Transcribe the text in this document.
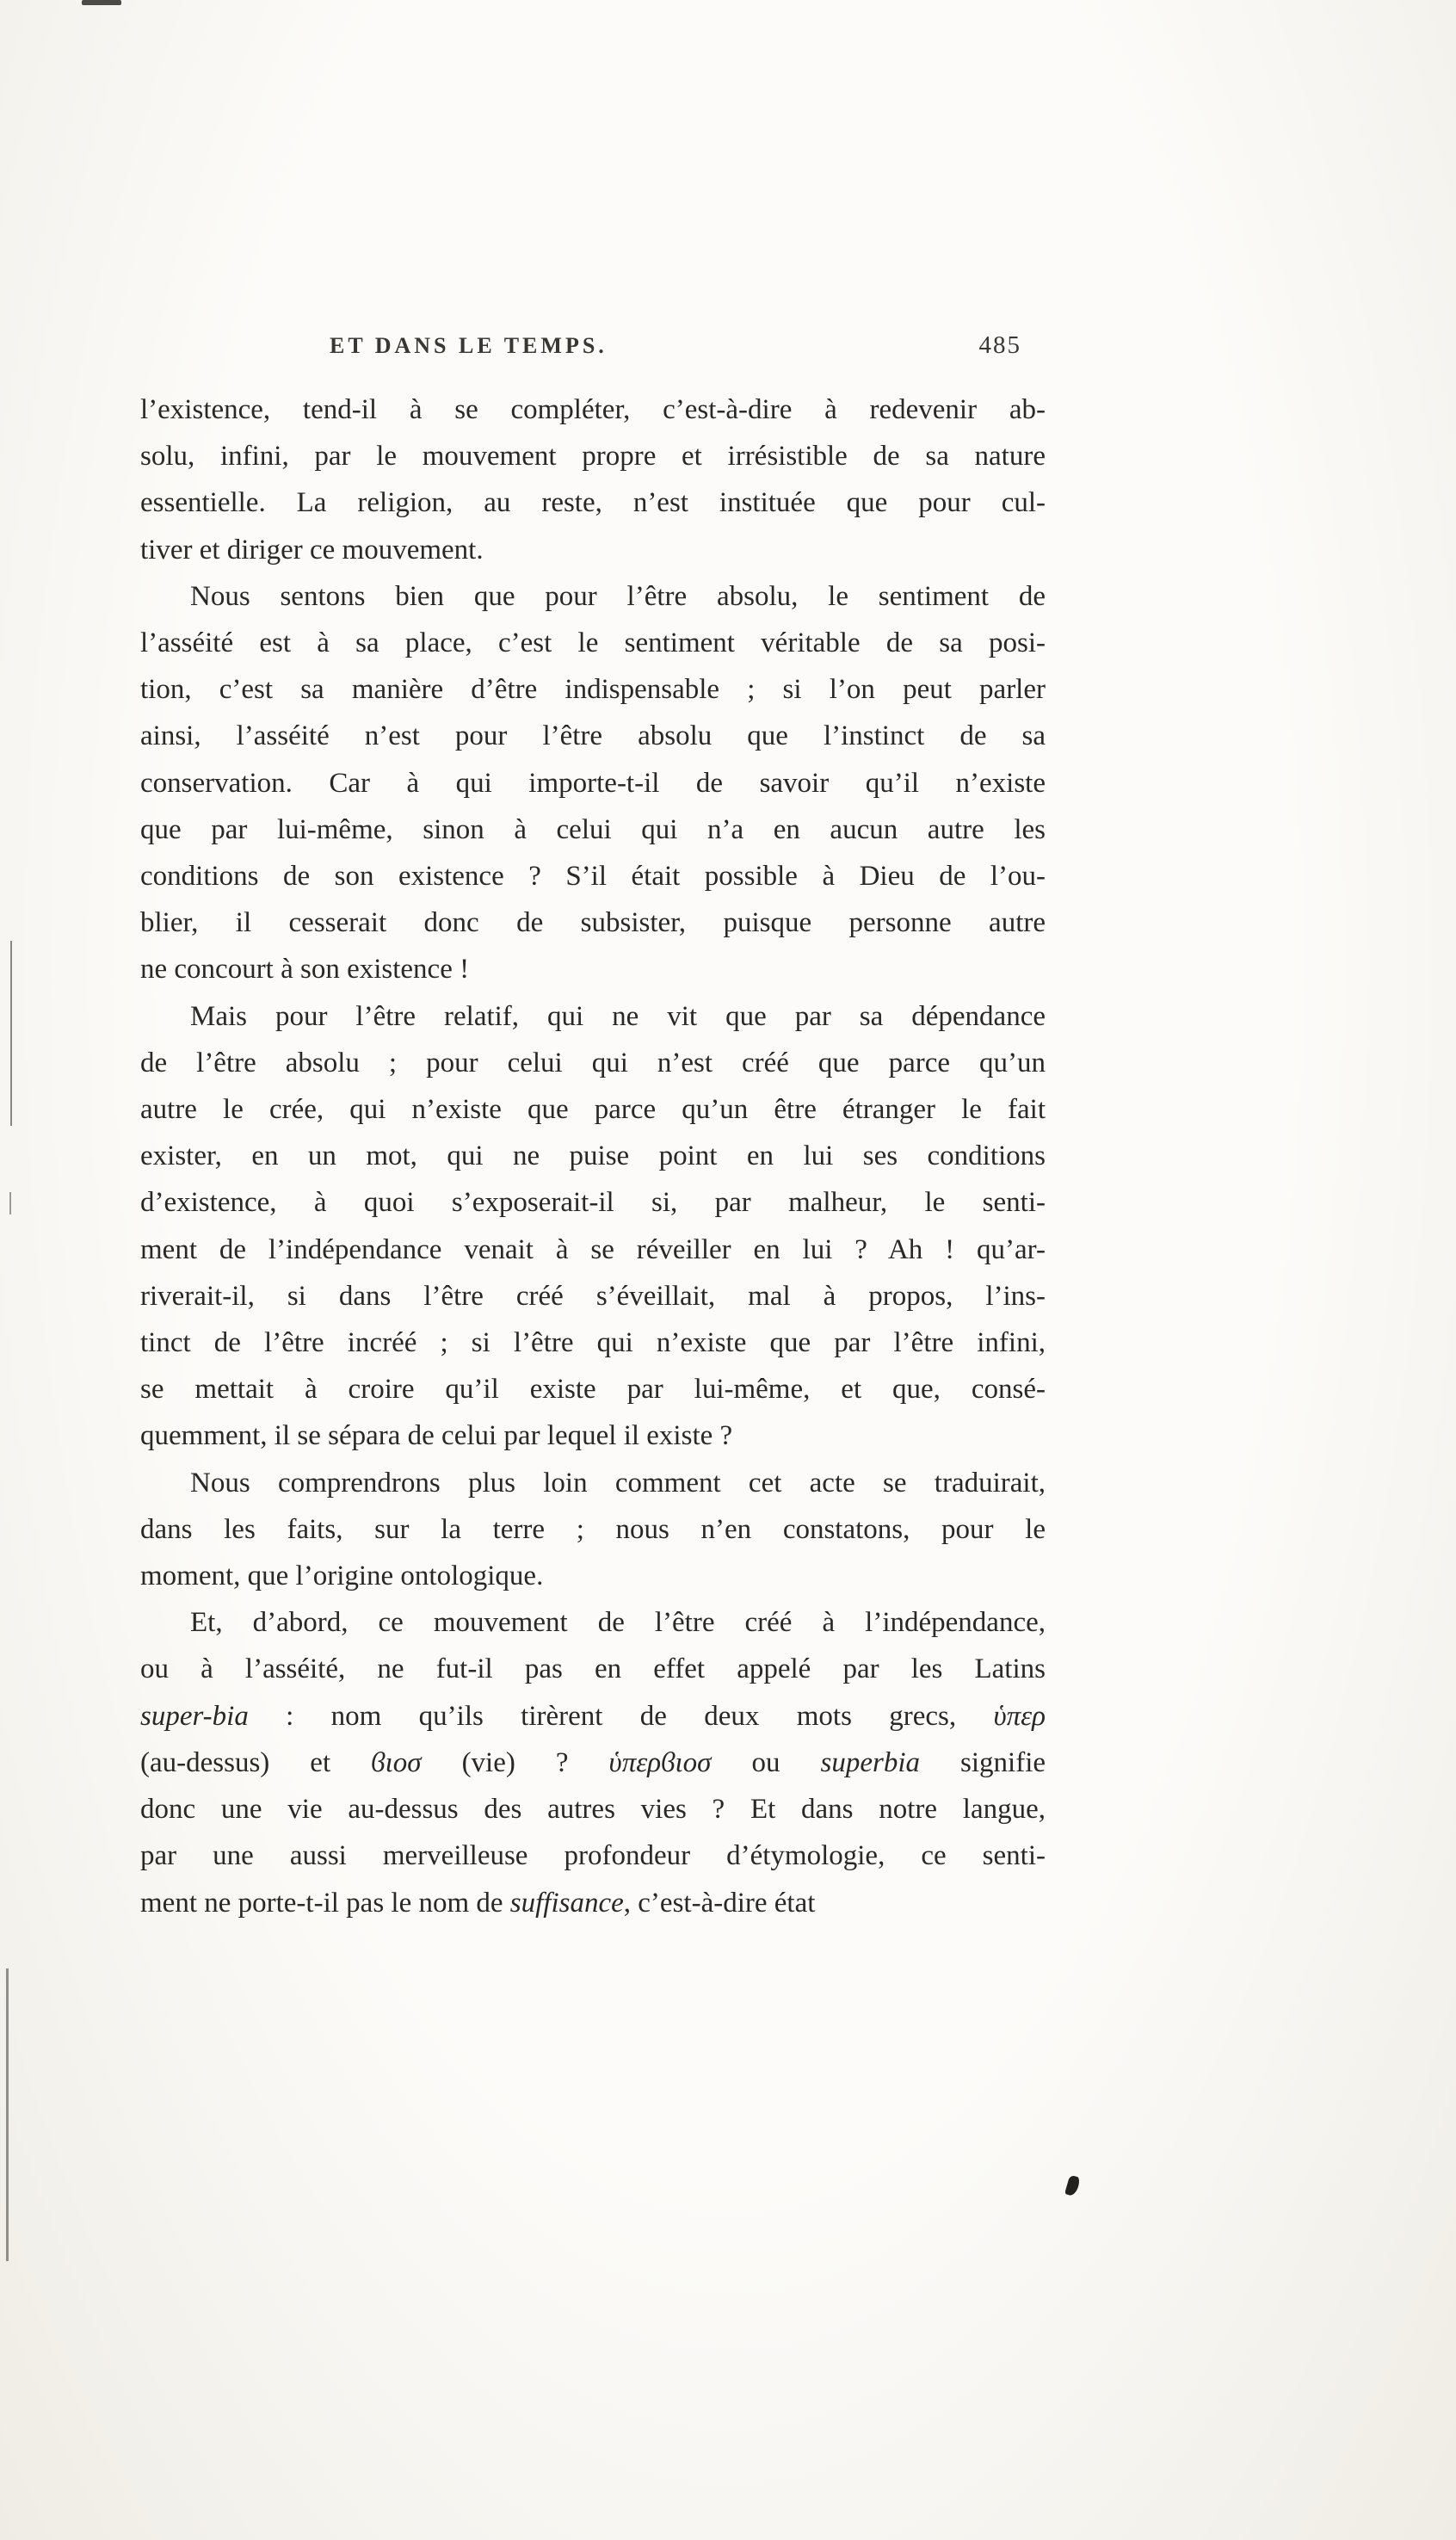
ET DANS LE TEMPS.	485
l’existence, tend-il à se compléter, c’est-à-dire à redevenir ab-
solu, infini, par le mouvement propre et irrésistible de sa nature
essentielle. La religion, au reste, n’est instituée que pour cul-
tiver et diriger ce mouvement.
Nous sentons bien que pour l’être absolu, le sentiment de
l’asséité est à sa place, c’est le sentiment véritable de sa posi-
tion, c’est sa manière d’être indispensable ; si l’on peut parler
ainsi, l’asséité n’est pour l’être absolu que l’instinct de sa
conservation. Car à qui importe-t-il de savoir qu’il n’existe
que par lui-même, sinon à celui qui n’a en aucun autre les
conditions de son existence ? S’il était possible à Dieu de l’ou-
blier, il cesserait donc de subsister, puisque personne autre
ne concourt à son existence !
Mais pour l’être relatif, qui ne vit que par sa dépendance
de l’être absolu ; pour celui qui n’est créé que parce qu’un
autre le crée, qui n’existe que parce qu’un être étranger le fait
exister, en un mot, qui ne puise point en lui ses conditions
d’existence, à quoi s’exposerait-il si, par malheur, le senti-
ment de l’indépendance venait à se réveiller en lui ? Ah ! qu’ar-
riverait-il, si dans l’être créé s’éveillait, mal à propos, l’ins-
tinct de l’être incréé ; si l’être qui n’existe que par l’être infini,
se mettait à croire qu’il existe par lui-même, et que, consé-
quemment, il se sépara de celui par lequel il existe ?
Nous comprendrons plus loin comment cet acte se traduirait,
dans les faits, sur la terre ; nous n’en constatons, pour le
moment, que l’origine ontologique.
Et, d’abord, ce mouvement de l’être créé à l’indépendance,
ou à l’asséité, ne fut-il pas en effet appelé par les Latins
super-bia : nom qu’ils tirèrent de deux mots grecs, ὑπερ
(au-dessus) et ϐιοσ (vie) ? ὑπερϐιοσ ou superbia signifie
donc une vie au-dessus des autres vies ? Et dans notre langue,
par une aussi merveilleuse profondeur d’étymologie, ce senti-
ment ne porte-t-il pas le nom de suffisance, c’est-à-dire état
